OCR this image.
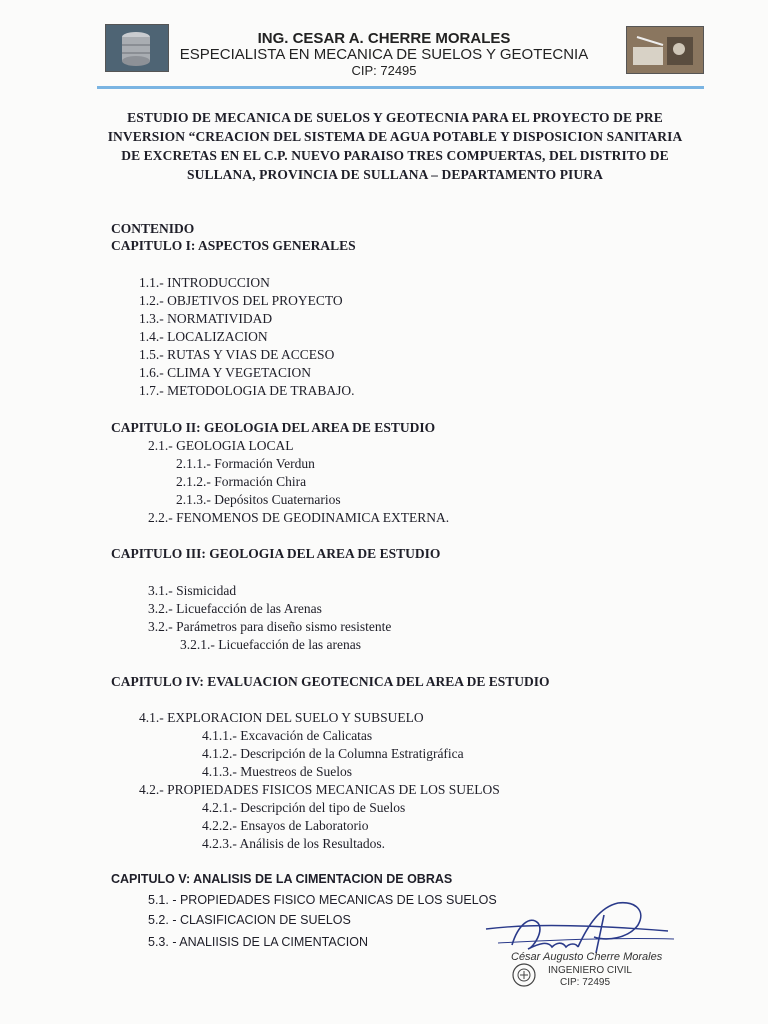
ING. CESAR A. CHERRE MORALES
ESPECIALISTA EN MECANICA DE SUELOS Y GEOTECNIA
CIP: 72495
ESTUDIO DE MECANICA DE SUELOS Y GEOTECNIA PARA EL PROYECTO DE PRE INVERSION “CREACION DEL SISTEMA DE AGUA POTABLE Y DISPOSICION SANITARIA DE EXCRETAS EN EL C.P. NUEVO PARAISO TRES COMPUERTAS, DEL DISTRITO DE SULLANA, PROVINCIA DE SULLANA – DEPARTAMENTO PIURA
CONTENIDO
CAPITULO I: ASPECTOS GENERALES
1.1.- INTRODUCCION
1.2.- OBJETIVOS DEL PROYECTO
1.3.- NORMATIVIDAD
1.4.- LOCALIZACION
1.5.- RUTAS Y VIAS DE ACCESO
1.6.- CLIMA Y VEGETACION
1.7.- METODOLOGIA DE TRABAJO.
CAPITULO II: GEOLOGIA DEL AREA DE ESTUDIO
2.1.- GEOLOGIA LOCAL
2.1.1.- Formación Verdun
2.1.2.- Formación Chira
2.1.3.- Depósitos Cuaternarios
2.2.- FENOMENOS DE GEODINAMICA EXTERNA.
CAPITULO III: GEOLOGIA DEL AREA DE ESTUDIO
3.1.- Sismicidad
3.2.- Licuefacción de las Arenas
3.2.- Parámetros para diseño sismo resistente
3.2.1.- Licuefacción de las arenas
CAPITULO IV: EVALUACION GEOTECNICA DEL AREA DE ESTUDIO
4.1.- EXPLORACION DEL SUELO Y SUBSUELO
4.1.1.- Excavación de Calicatas
4.1.2.- Descripción de la Columna Estratigráfica
4.1.3.- Muestreos de Suelos
4.2.- PROPIEDADES FISICOS MECANICAS DE LOS SUELOS
4.2.1.- Descripción del tipo de Suelos
4.2.2.- Ensayos de Laboratorio
4.2.3.- Análisis de los Resultados.
CAPITULO V: ANALISIS DE LA CIMENTACION DE OBRAS
5.1. - PROPIEDADES FISICO MECANICAS DE LOS SUELOS
5.2. - CLASIFICACION DE SUELOS
5.3. - ANALIISIS DE LA CIMENTACION
César Augusto Cherre Morales
INGENIERO CIVIL
CIP: 72495
